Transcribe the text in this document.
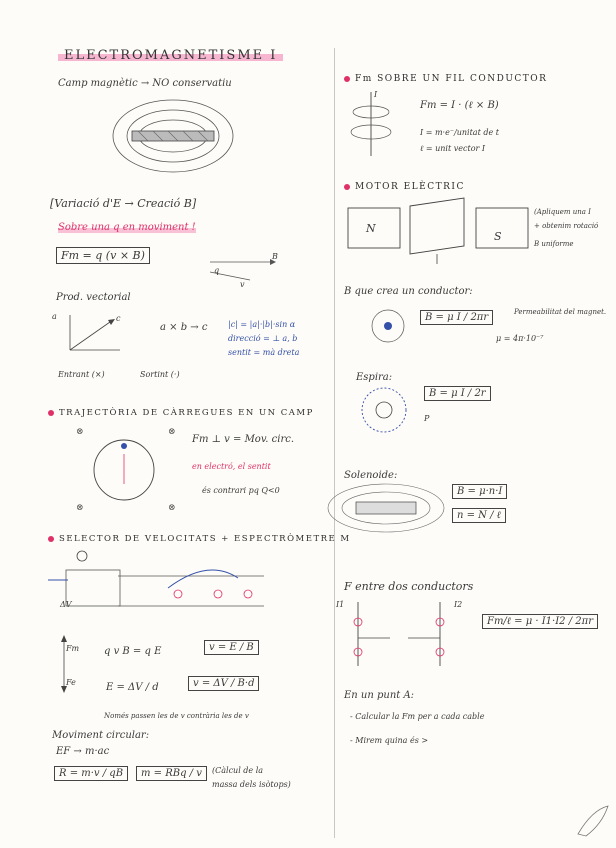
ELECTROMAGNETISME I
Camp magnètic → NO conservatiu
[Variació d'E → Creació B]
Sobre una q en moviment !
Fm = q (v × B)
q
v
B
Prod. vectorial
a	c
a × b → c	|c| = |a|·|b|·sin α
direcció = ⊥ a, b
sentit = mà dreta
Entrant (×)	Sortint (·)
TRAJECTÒRIA DE CÀRREGUES EN UN CAMP
⊗	⊗
⊗	⊗
Fm ⊥ v = Mov. circ.
en electró, el sentit
és contrari pq Q<0
SELECTOR DE VELOCITATS + ESPECTRÒMETRE M
ΔV
Fm
Fe
q v B = q E	v = E / B
E = ΔV / d	v = ΔV / B·d
Només passen les de v contrària les de v
Moviment circular:
EF → m·ac
R = m·v / qB	m = RBq / v	(Càlcul de la
massa dels isòtops)
Fm SOBRE UN FIL CONDUCTOR
I
Fm = I · (ℓ × B)
I = m·e⁻/unitat de t
ℓ = unit vector I
MOTOR ELÈCTRIC
N
S
(Apliquem una I
+ obtenim rotació
B uniforme
B que crea un conductor:
B = μ I / 2πr	Permeabilitat del magnet.
μ = 4π·10⁻⁷
Espira:
B = μ I / 2r
P
Solenoide:
B = μ·n·I
n = N / ℓ
F entre dos conductors
I1	I2
Fm/ℓ = μ · I1·I2 / 2πr
En un punt A:
- Calcular la Fm per a cada cable
- Mirem quina és >
